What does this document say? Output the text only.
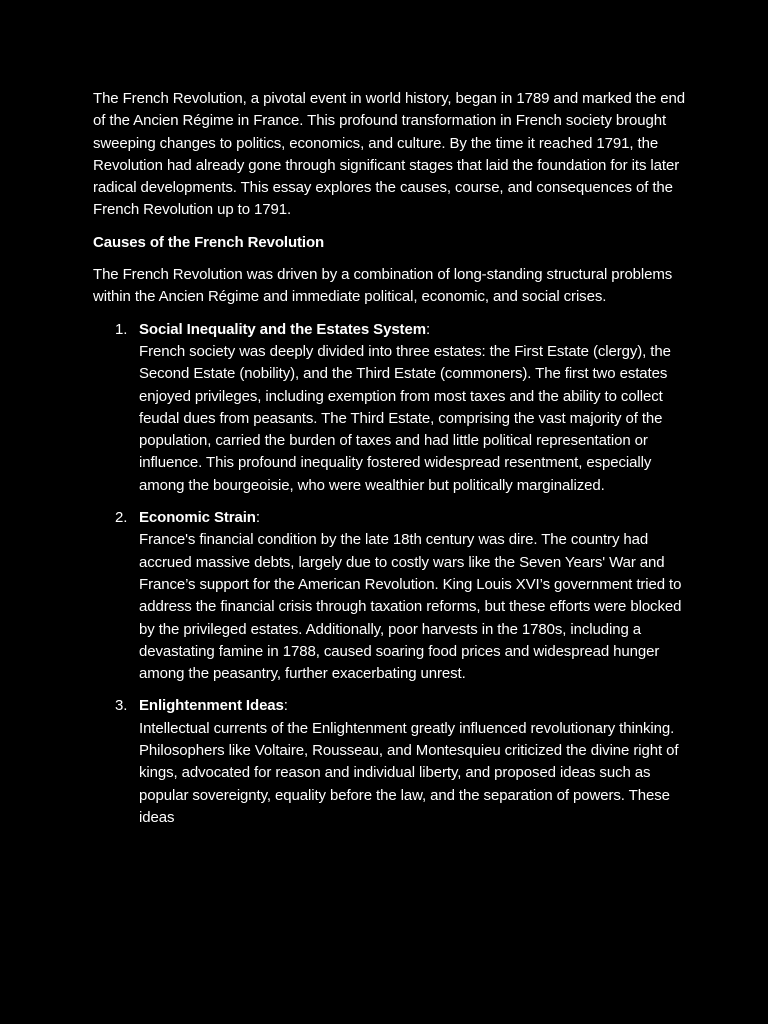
The French Revolution, a pivotal event in world history, began in 1789 and marked the end of the Ancien Régime in France. This profound transformation in French society brought sweeping changes to politics, economics, and culture. By the time it reached 1791, the Revolution had already gone through significant stages that laid the foundation for its later radical developments. This essay explores the causes, course, and consequences of the French Revolution up to 1791.

Causes of the French Revolution

The French Revolution was driven by a combination of long-standing structural problems within the Ancien Régime and immediate political, economic, and social crises.

1. Social Inequality and the Estates System:
French society was deeply divided into three estates: the First Estate (clergy), the Second Estate (nobility), and the Third Estate (commoners). The first two estates enjoyed privileges, including exemption from most taxes and the ability to collect feudal dues from peasants. The Third Estate, comprising the vast majority of the population, carried the burden of taxes and had little political representation or influence. This profound inequality fostered widespread resentment, especially among the bourgeoisie, who were wealthier but politically marginalized.
2. Economic Strain:
France's financial condition by the late 18th century was dire. The country had accrued massive debts, largely due to costly wars like the Seven Years' War and France’s support for the American Revolution. King Louis XVI’s government tried to address the financial crisis through taxation reforms, but these efforts were blocked by the privileged estates. Additionally, poor harvests in the 1780s, including a devastating famine in 1788, caused soaring food prices and widespread hunger among the peasantry, further exacerbating unrest.
3. Enlightenment Ideas:
Intellectual currents of the Enlightenment greatly influenced revolutionary thinking. Philosophers like Voltaire, Rousseau, and Montesquieu criticized the divine right of kings, advocated for reason and individual liberty, and proposed ideas such as popular sovereignty, equality before the law, and the separation of powers. These ideas
